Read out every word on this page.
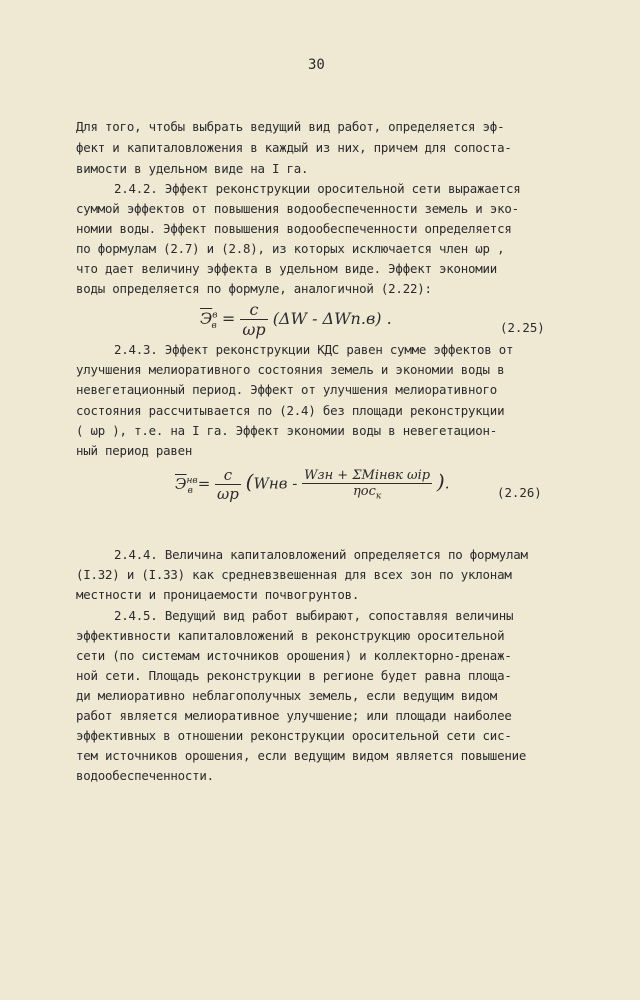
30
Для того, чтобы выбрать ведущий вид работ, определяется эф-
фект и капиталовложения в каждый из них, причем для сопоста-
вимости в удельном виде на I га.
2.4.2. Эффект реконструкции оросительной сети выражается
суммой эффектов от повышения водообеспеченности земель и эко-
номии воды. Эффект повышения водообеспеченности определяется
по формулам (2.7) и (2.8), из которых исключается член ωр ,
что дает величину эффекта в удельном виде. Эффект экономии
воды определяется по формуле, аналогичной (2.22):
$Э^в_в = \frac{c}{\omega р} (\Delta W - \Delta Wп.в)$ .	(2.25)
2.4.3. Эффект реконструкции КДС равен сумме эффектов от
улучшения мелиоративного состояния земель и экономии воды в
невегетационный период. Эффект от улучшения мелиоративного
состояния рассчитывается по (2.4) без площади реконструкции
( ωр ), т.е. на I га. Эффект экономии воды в невегетацион-
ный период равен
$Э^{нв}_в = \frac{c}{\omega р} (Wнв - \frac{\text{Wзн + ΣMiнвк ωiр}}{\eta ос_к}$ ).	(2.26)
2.4.4. Величина капиталовложений определяется по формулам
(I.32) и (I.33) как средневзвешенная для всех зон по уклонам
местности и проницаемости почвогрунтов.
2.4.5. Ведущий вид работ выбирают, сопоставляя величины
эффективности капиталовложений в реконструкцию оросительной
сети (по системам источников орошения) и коллекторно-дренаж-
ной сети. Площадь реконструкции в регионе будет равна площа-
ди мелиоративно неблагополучных земель, если ведущим видом
работ является мелиоративное улучшение; или площади наиболее
эффективных в отношении реконструкции оросительной сети сис-
тем источников орошения, если ведущим видом является повышение
водообеспеченности.
